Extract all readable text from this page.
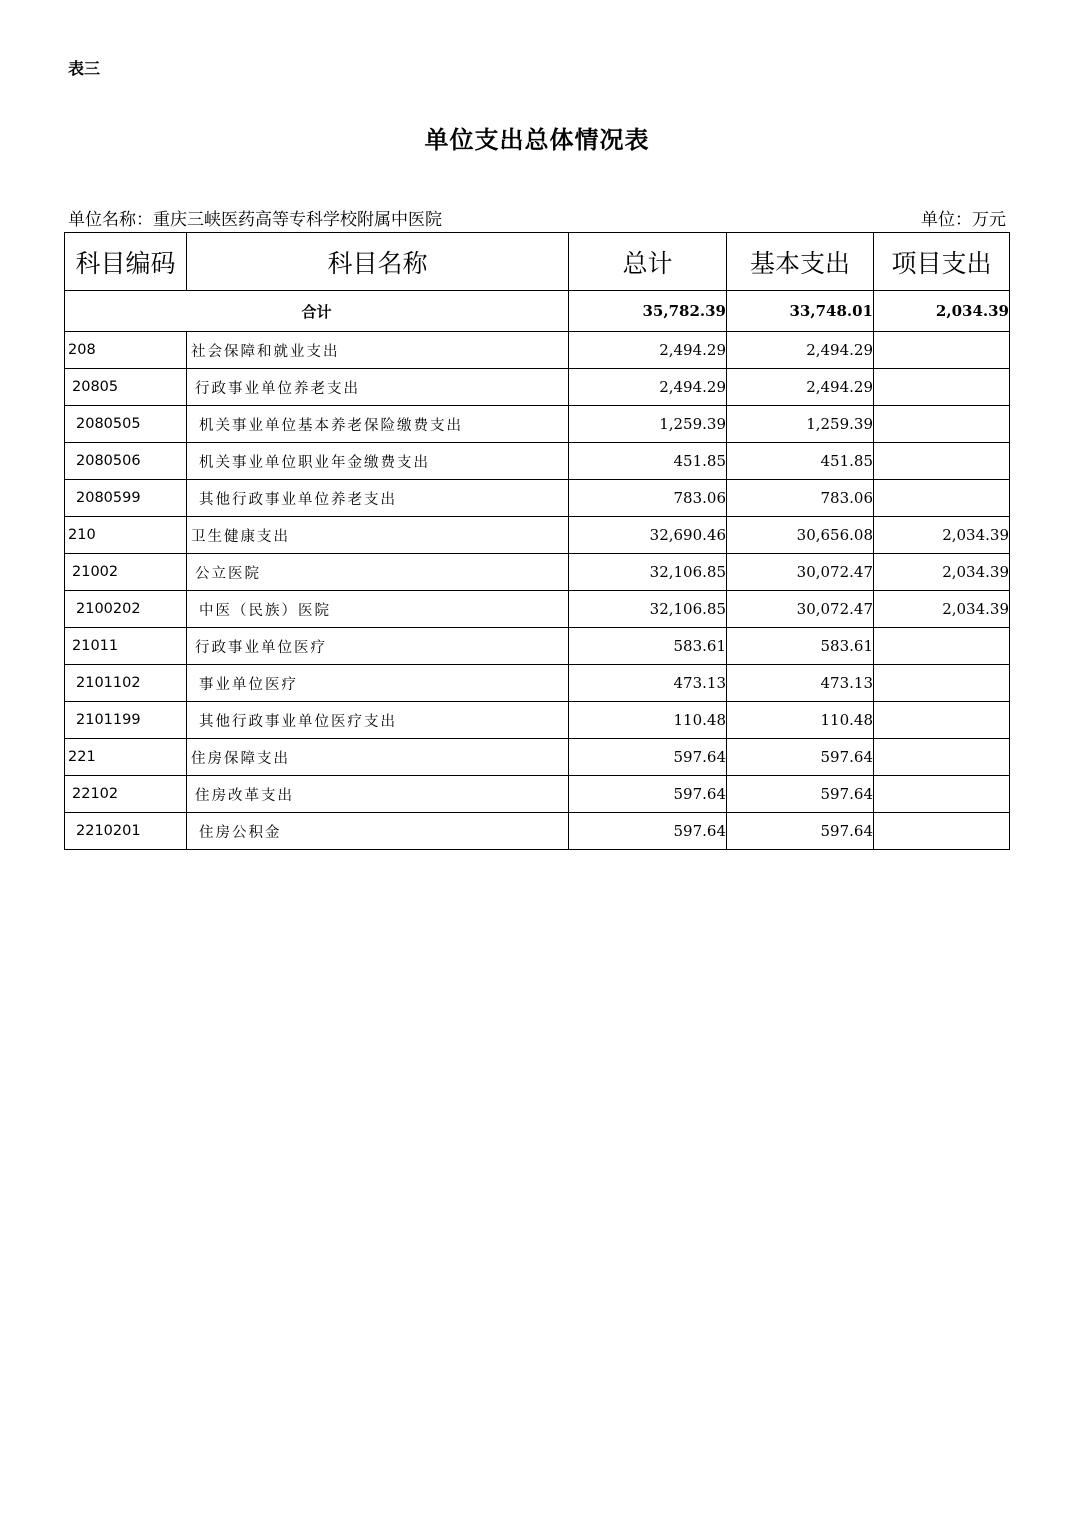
表三
单位支出总体情况表
单位名称：重庆三峡医药高等专科学校附属中医院	单位：万元
科目编码	科目名称	总计	基本支出	项目支出
合计		35,782.39	33,748.01	2,034.39
208	社会保障和就业支出	2,494.29	2,494.29	
20805	行政事业单位养老支出	2,494.29	2,494.29	
2080505	机关事业单位基本养老保险缴费支出	1,259.39	1,259.39	
2080506	机关事业单位职业年金缴费支出	451.85	451.85	
2080599	其他行政事业单位养老支出	783.06	783.06	
210	卫生健康支出	32,690.46	30,656.08	2,034.39
21002	公立医院	32,106.85	30,072.47	2,034.39
2100202	中医（民族）医院	32,106.85	30,072.47	2,034.39
21011	行政事业单位医疗	583.61	583.61	
2101102	事业单位医疗	473.13	473.13	
2101199	其他行政事业单位医疗支出	110.48	110.48	
221	住房保障支出	597.64	597.64	
22102	住房改革支出	597.64	597.64	
2210201	住房公积金	597.64	597.64	
